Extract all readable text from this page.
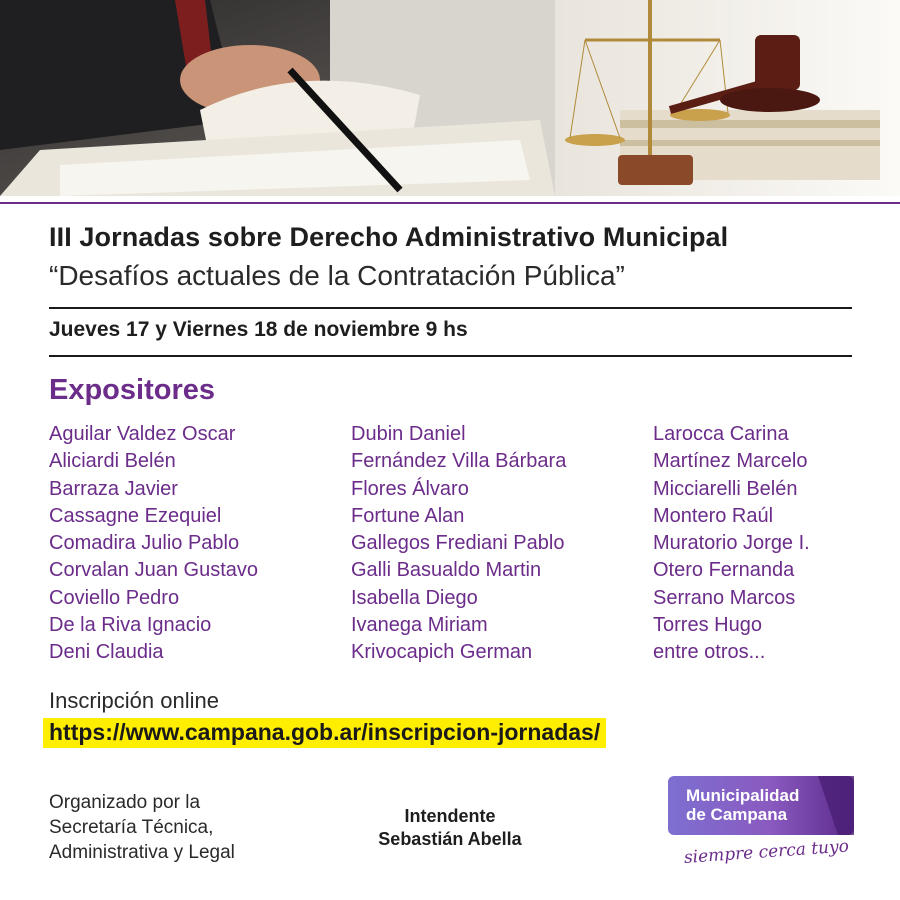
III Jornadas sobre Derecho Administrativo Municipal
“Desafíos actuales de la Contratación Pública”
Jueves 17 y Viernes 18 de noviembre 9 hs
Expositores
Aguilar Valdez Oscar
Aliciardi Belén
Barraza Javier
Cassagne Ezequiel
Comadira Julio Pablo
Corvalan Juan Gustavo
Coviello Pedro
De la Riva Ignacio
Deni Claudia
Dubin Daniel
Fernández Villa Bárbara
Flores Álvaro
Fortune Alan
Gallegos Frediani Pablo
Galli Basualdo Martin
Isabella Diego
Ivanega Miriam
Krivocapich German
Larocca Carina
Martínez Marcelo
Micciarelli Belén
Montero Raúl
Muratorio Jorge I.
Otero Fernanda
Serrano Marcos
Torres Hugo
entre otros...
Inscripción online
https://www.campana.gob.ar/inscripcion-jornadas/
Organizado por la
Secretaría Técnica,
Administrativa y Legal
Intendente
Sebastián Abella
Municipalidad
de Campana
siempre cerca tuyo
